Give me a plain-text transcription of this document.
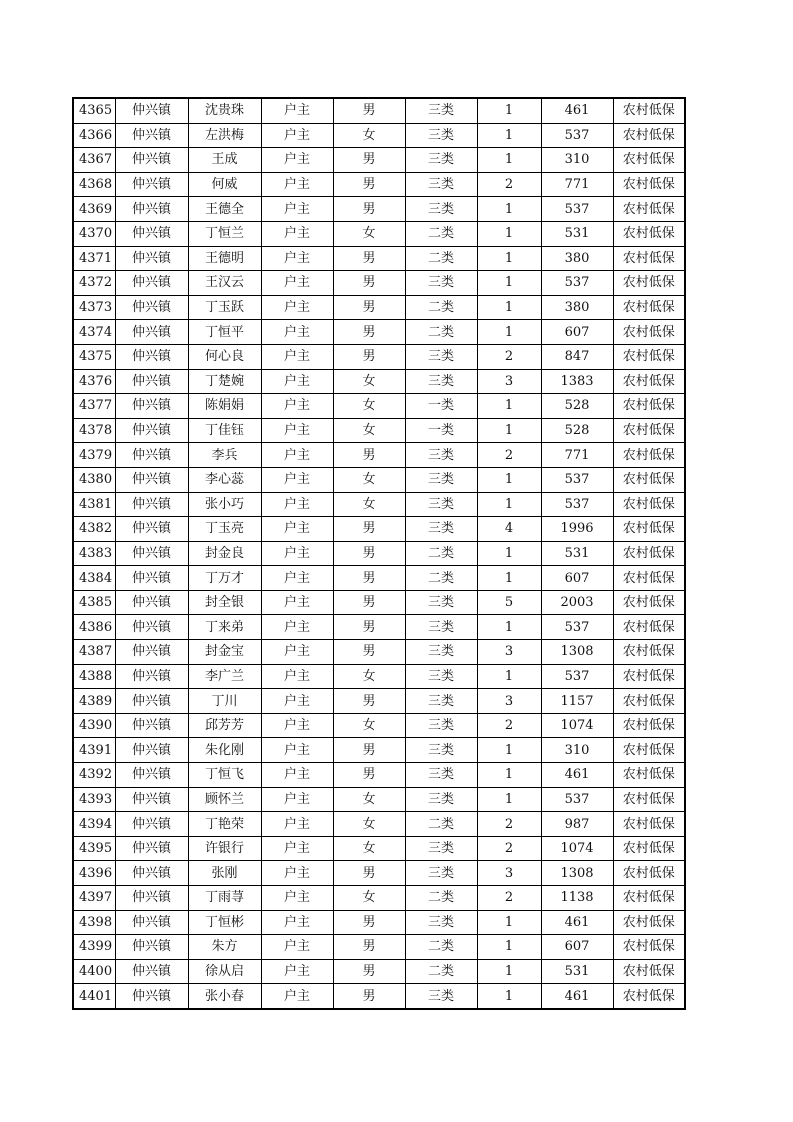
4365	仲兴镇	沈贵珠	户主	男	三类	1	461	农村低保
4366	仲兴镇	左洪梅	户主	女	三类	1	537	农村低保
4367	仲兴镇	王成	户主	男	三类	1	310	农村低保
4368	仲兴镇	何威	户主	男	三类	2	771	农村低保
4369	仲兴镇	王德全	户主	男	三类	1	537	农村低保
4370	仲兴镇	丁恒兰	户主	女	二类	1	531	农村低保
4371	仲兴镇	王德明	户主	男	二类	1	380	农村低保
4372	仲兴镇	王汉云	户主	男	三类	1	537	农村低保
4373	仲兴镇	丁玉跃	户主	男	二类	1	380	农村低保
4374	仲兴镇	丁恒平	户主	男	二类	1	607	农村低保
4375	仲兴镇	何心良	户主	男	三类	2	847	农村低保
4376	仲兴镇	丁楚婉	户主	女	三类	3	1383	农村低保
4377	仲兴镇	陈娟娟	户主	女	一类	1	528	农村低保
4378	仲兴镇	丁佳钰	户主	女	一类	1	528	农村低保
4379	仲兴镇	李兵	户主	男	三类	2	771	农村低保
4380	仲兴镇	李心蕊	户主	女	三类	1	537	农村低保
4381	仲兴镇	张小巧	户主	女	三类	1	537	农村低保
4382	仲兴镇	丁玉亮	户主	男	三类	4	1996	农村低保
4383	仲兴镇	封金良	户主	男	二类	1	531	农村低保
4384	仲兴镇	丁万才	户主	男	二类	1	607	农村低保
4385	仲兴镇	封全银	户主	男	三类	5	2003	农村低保
4386	仲兴镇	丁来弟	户主	男	三类	1	537	农村低保
4387	仲兴镇	封金宝	户主	男	三类	3	1308	农村低保
4388	仲兴镇	李广兰	户主	女	三类	1	537	农村低保
4389	仲兴镇	丁川	户主	男	三类	3	1157	农村低保
4390	仲兴镇	邱芳芳	户主	女	三类	2	1074	农村低保
4391	仲兴镇	朱化刚	户主	男	三类	1	310	农村低保
4392	仲兴镇	丁恒飞	户主	男	三类	1	461	农村低保
4393	仲兴镇	顾怀兰	户主	女	三类	1	537	农村低保
4394	仲兴镇	丁艳荣	户主	女	二类	2	987	农村低保
4395	仲兴镇	许银行	户主	女	三类	2	1074	农村低保
4396	仲兴镇	张刚	户主	男	三类	3	1308	农村低保
4397	仲兴镇	丁雨荨	户主	女	二类	2	1138	农村低保
4398	仲兴镇	丁恒彬	户主	男	三类	1	461	农村低保
4399	仲兴镇	朱方	户主	男	二类	1	607	农村低保
4400	仲兴镇	徐从启	户主	男	二类	1	531	农村低保
4401	仲兴镇	张小春	户主	男	三类	1	461	农村低保
